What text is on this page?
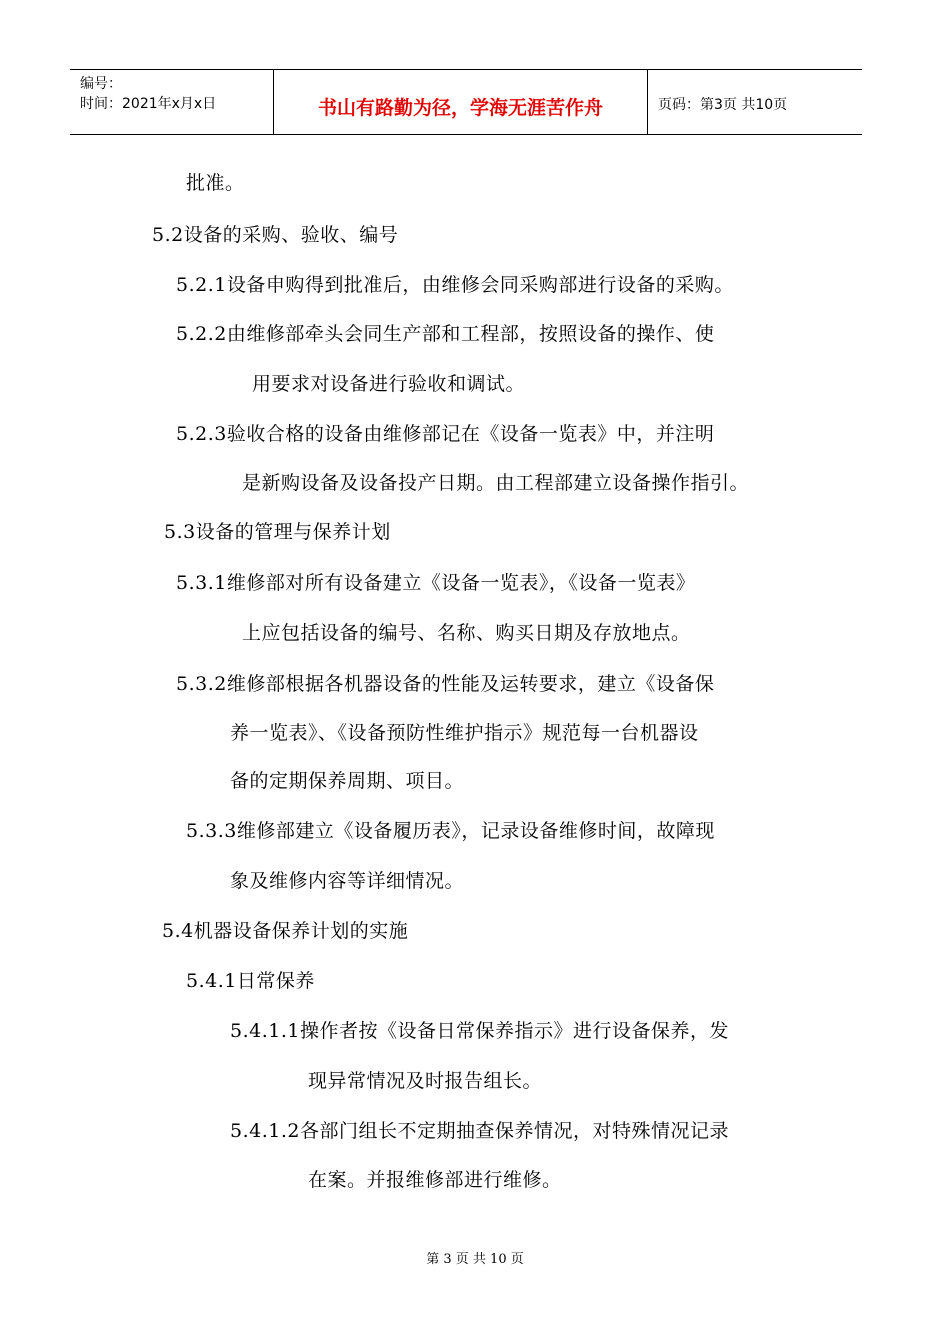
编号：
时间：2021年x月x日	书山有路勤为径，学海无涯苦作舟	页码：第3页 共10页
批准。
5.2设备的采购、验收、编号
5.2.1设备申购得到批准后，由维修会同采购部进行设备的采购。
5.2.2由维修部牵头会同生产部和工程部，按照设备的操作、使
用要求对设备进行验收和调试。
5.2.3验收合格的设备由维修部记在《设备一览表》中，并注明
是新购设备及设备投产日期。由工程部建立设备操作指引。
5.3设备的管理与保养计划
5.3.1维修部对所有设备建立《设备一览表》，《设备一览表》
上应包括设备的编号、名称、购买日期及存放地点。
5.3.2维修部根据各机器设备的性能及运转要求，建立《设备保
养一览表》、《设备预防性维护指示》规范每一台机器设
备的定期保养周期、项目。
5.3.3维修部建立《设备履历表》，记录设备维修时间，故障现
象及维修内容等详细情况。
5.4机器设备保养计划的实施
5.4.1日常保养
5.4.1.1操作者按《设备日常保养指示》进行设备保养，发
现异常情况及时报告组长。
5.4.1.2各部门组长不定期抽查保养情况，对特殊情况记录
在案。并报维修部进行维修。
第 3 页 共 10 页
